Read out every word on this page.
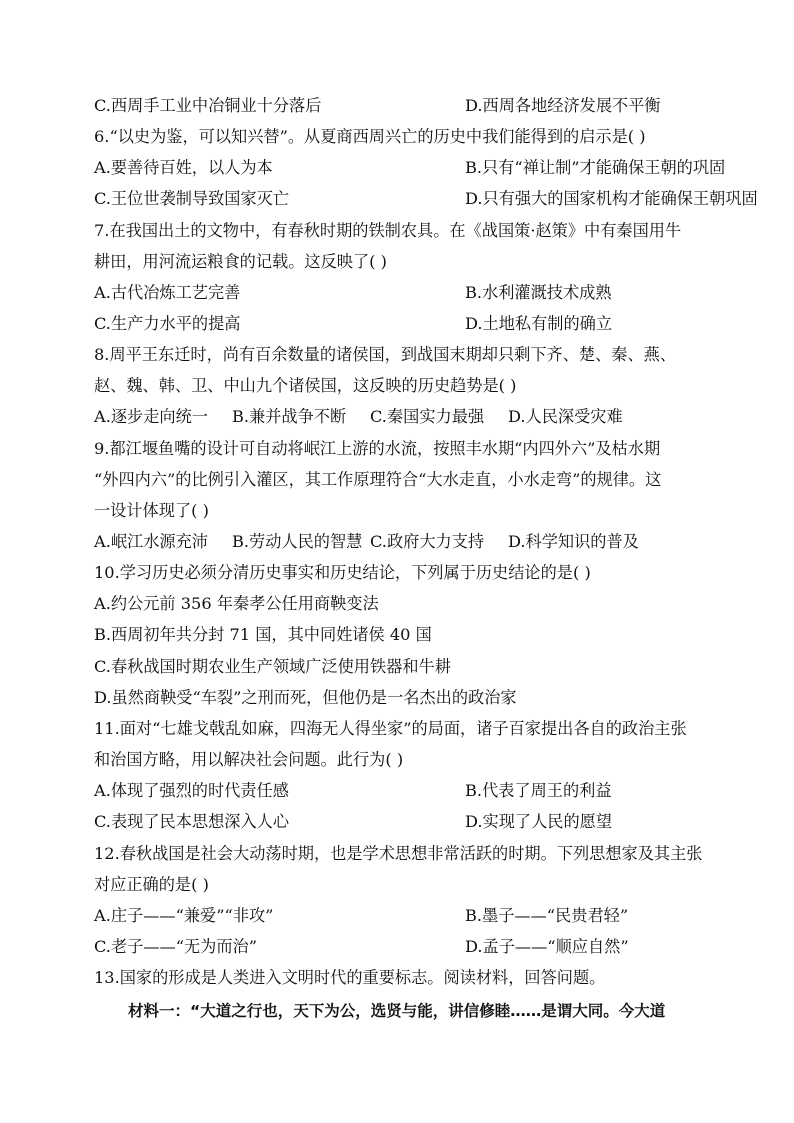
C.西周手工业中冶铜业十分落后	D.西周各地经济发展不平衡
6.“以史为鉴，可以知兴替”。从夏商西周兴亡的历史中我们能得到的启示是( )
A.要善待百姓，以人为本	B.只有“禅让制”才能确保王朝的巩固
C.王位世袭制导致国家灭亡	D.只有强大的国家机构才能确保王朝巩固
7.在我国出土的文物中，有春秋时期的铁制农具。在《战国策·赵策》中有秦国用牛
耕田，用河流运粮食的记载。这反映了( )
A.古代冶炼工艺完善	B.水利灌溉技术成熟
C.生产力水平的提高	D.土地私有制的确立
8.周平王东迁时，尚有百余数量的诸侯国，到战国末期却只剩下齐、楚、秦、燕、
赵、魏、韩、卫、中山九个诸侯国，这反映的历史趋势是( )
A.逐步走向统一 B.兼并战争不断 C.秦国实力最强 D.人民深受灾难
9.都江堰鱼嘴的设计可自动将岷江上游的水流，按照丰水期“内四外六”及枯水期
“外四内六”的比例引入灌区，其工作原理符合“大水走直，小水走弯”的规律。这
一设计体现了( )
A.岷江水源充沛 B.劳动人民的智慧 C.政府大力支持 D.科学知识的普及
10.学习历史必须分清历史事实和历史结论，下列属于历史结论的是( )
A.约公元前 356 年秦孝公任用商鞅变法
B.西周初年共分封 71 国，其中同姓诸侯 40 国
C.春秋战国时期农业生产领域广泛使用铁器和牛耕
D.虽然商鞅受“车裂”之刑而死，但他仍是一名杰出的政治家
11.面对“七雄戈戟乱如麻，四海无人得坐家”的局面，诸子百家提出各自的政治主张
和治国方略，用以解决社会问题。此行为( )
A.体现了强烈的时代责任感	B.代表了周王的利益
C.表现了民本思想深入人心	D.实现了人民的愿望
12.春秋战国是社会大动荡时期，也是学术思想非常活跃的时期。下列思想家及其主张
对应正确的是( )
A.庄子——“兼爱”“非攻”	B.墨子——“民贵君轻”
C.老子——“无为而治”	D.孟子——“顺应自然”
13.国家的形成是人类进入文明时代的重要标志。阅读材料，回答问题。
材料一：“大道之行也，天下为公，选贤与能，讲信修睦……是谓大同。今大道
